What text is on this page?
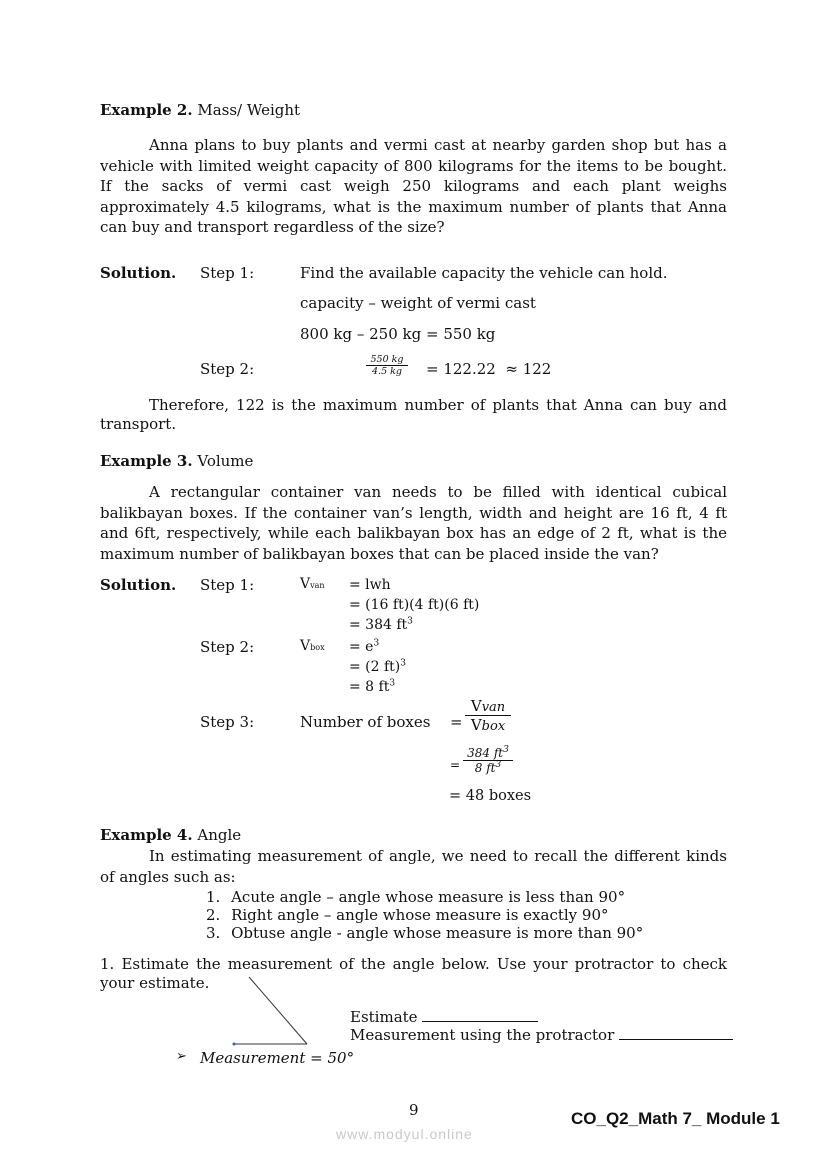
Example 2. Mass/ Weight
Anna plans to buy plants and vermi cast at nearby garden shop but has a vehicle with limited weight capacity of 800 kilograms for the items to be bought. If the sacks of vermi cast weigh 250 kilograms and each plant weighs approximately 4.5 kilograms, what is the maximum number of plants that Anna can buy and transport regardless of the size?
Solution. Step 1:	Find the available capacity the vehicle can hold.
capacity – weight of vermi cast
800 kg – 250 kg = 550 kg
Step 2:
550 kg
4.5 kg	= 122.22  ≈ 122
Therefore, 122 is the maximum number of plants that Anna can buy and transport.
Example 3. Volume
A rectangular container van needs to be filled with identical cubical balikbayan boxes. If the container van’s length, width and height are 16 ft, 4 ft and 6ft, respectively, while each balikbayan box has an edge of 2 ft, what is the maximum number of balikbayan boxes that can be placed inside the van?
Solution. Step 1:	Vvan = lwh
= (16 ft)(4 ft)(6 ft)
= 384 $ft^3$
Step 2:	Vbox = $e^3$
= (2 ft)$^3$
= 8 $ft^3$
Step 3:	Number of boxes =
Vvan
Vbox
=
384 $ft^3$
8 $ft^3$
= 48 boxes
Example 4. Angle
In estimating measurement of angle, we need to recall the different kinds of angles such as:
1. Acute angle – angle whose measure is less than 90°
2. Right angle – angle whose measure is exactly 90°
3. Obtuse angle - angle whose measure is more than 90°
1. Estimate the measurement of the angle below. Use your protractor to check your estimate.
Estimate
Measurement using the protractor
➢ Measurement = 50°
9	CO_Q2_Math 7_ Module 1
www.modyul.online
